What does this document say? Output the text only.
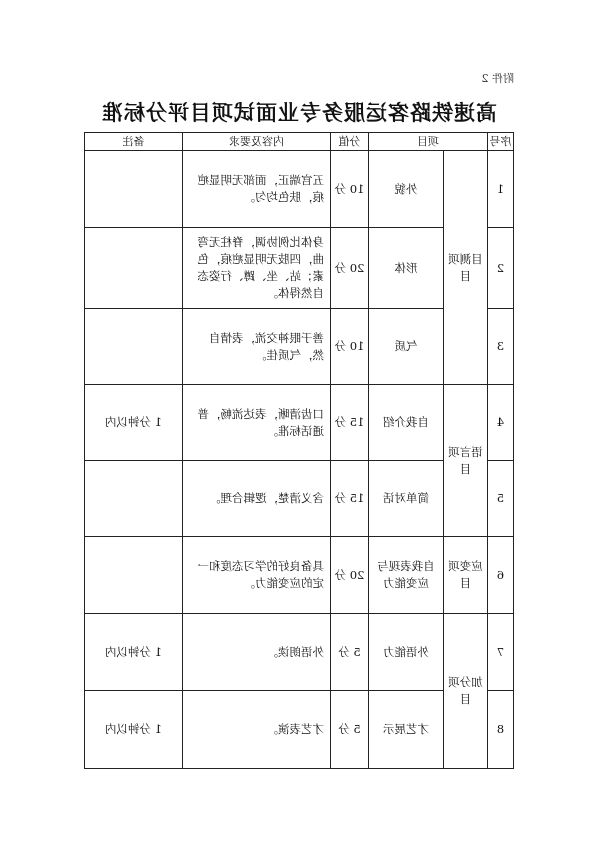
附件 2
高速铁路客运服务专业面试项目评分标准
序号	项目		分值	内容及要求	备注
1	目测项目	外貌	10 分	五官端正，面部无明显疤痕，肤色均匀。	
2		形体	20 分	身体比例协调，脊柱无弯曲，四肢无明显疤痕，色素；站、坐、蹲、行姿态自然得体。	
3		气质	10 分	善于眼神交流，表情自然，气质佳。	
4	语言项目	自我介绍	15 分	口齿清晰，表达流畅，普通话标准。	1 分钟以内
5		简单对话	15 分	含义清楚，逻辑合理。	
6	应变项目	自我表现与应变能力	20 分	具备良好的学习态度和一定的应变能力。	
7	加分项目	外语能力	5 分	外语朗读。	1 分钟以内
8		才艺展示	5 分	才艺表演。	1 分钟以内
